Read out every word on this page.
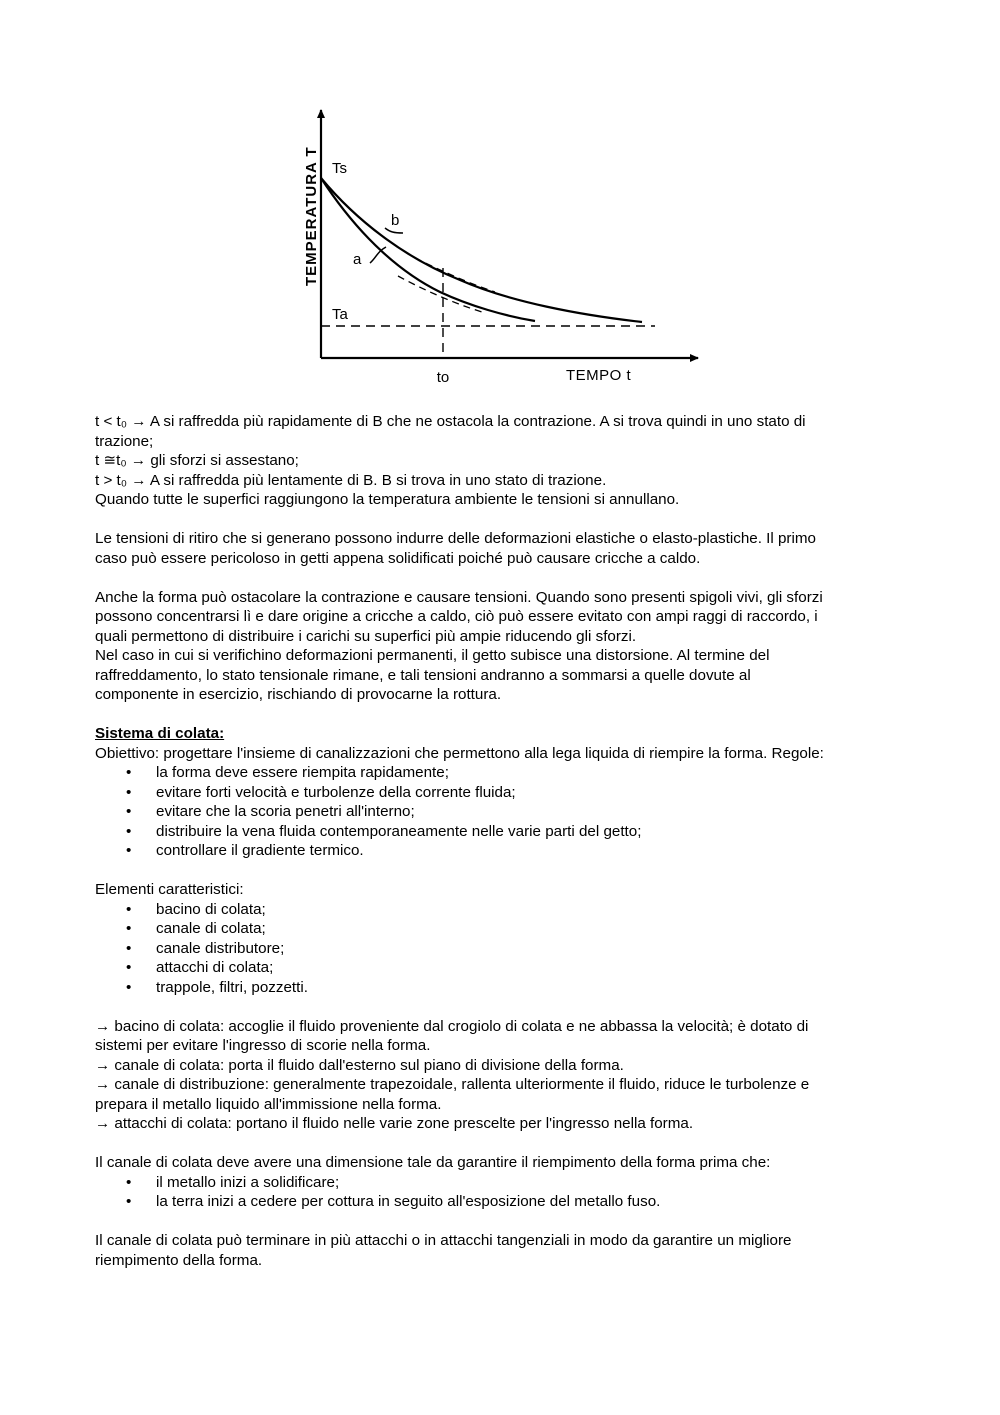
TEMPERATURA T Ts
b
a
Ta
to	TEMPO t
t < t₀ → A si raffredda più rapidamente di B che ne ostacola la contrazione. A si trova quindi in uno stato di
trazione;
t ≅t₀ → gli sforzi si assestano;
t > t₀ → A si raffredda più lentamente di B. B si trova in uno stato di trazione.
Quando tutte le superfici raggiungono la temperatura ambiente le tensioni si annullano.
Le tensioni di ritiro che si generano possono indurre delle deformazioni elastiche o elasto-plastiche. Il primo
caso può essere pericoloso in getti appena solidificati poiché può causare cricche a caldo.
Anche la forma può ostacolare la contrazione e causare tensioni. Quando sono presenti spigoli vivi, gli sforzi
possono concentrarsi lì e dare origine a cricche a caldo, ciò può essere evitato con ampi raggi di raccordo, i
quali permettono di distribuire i carichi su superfici più ampie riducendo gli sforzi.
Nel caso in cui si verifichino deformazioni permanenti, il getto subisce una distorsione. Al termine del
raffreddamento, lo stato tensionale rimane, e tali tensioni andranno a sommarsi a quelle dovute al
componente in esercizio, rischiando di provocarne la rottura.
Sistema di colata:
Obiettivo: progettare l'insieme di canalizzazioni che permettono alla lega liquida di riempire la forma. Regole:
• la forma deve essere riempita rapidamente;
• evitare forti velocità e turbolenze della corrente fluida;
• evitare che la scoria penetri all'interno;
• distribuire la vena fluida contemporaneamente nelle varie parti del getto;
• controllare il gradiente termico.
Elementi caratteristici:
• bacino di colata;
• canale di colata;
• canale distributore;
• attacchi di colata;
• trappole, filtri, pozzetti.
→ bacino di colata: accoglie il fluido proveniente dal crogiolo di colata e ne abbassa la velocità; è dotato di
sistemi per evitare l'ingresso di scorie nella forma.
→ canale di colata: porta il fluido dall'esterno sul piano di divisione della forma.
→ canale di distribuzione: generalmente trapezoidale, rallenta ulteriormente il fluido, riduce le turbolenze e
prepara il metallo liquido all'immissione nella forma.
→ attacchi di colata: portano il fluido nelle varie zone prescelte per l'ingresso nella forma.
Il canale di colata deve avere una dimensione tale da garantire il riempimento della forma prima che:
• il metallo inizi a solidificare;
• la terra inizi a cedere per cottura in seguito all'esposizione del metallo fuso.
Il canale di colata può terminare in più attacchi o in attacchi tangenziali in modo da garantire un migliore
riempimento della forma.
